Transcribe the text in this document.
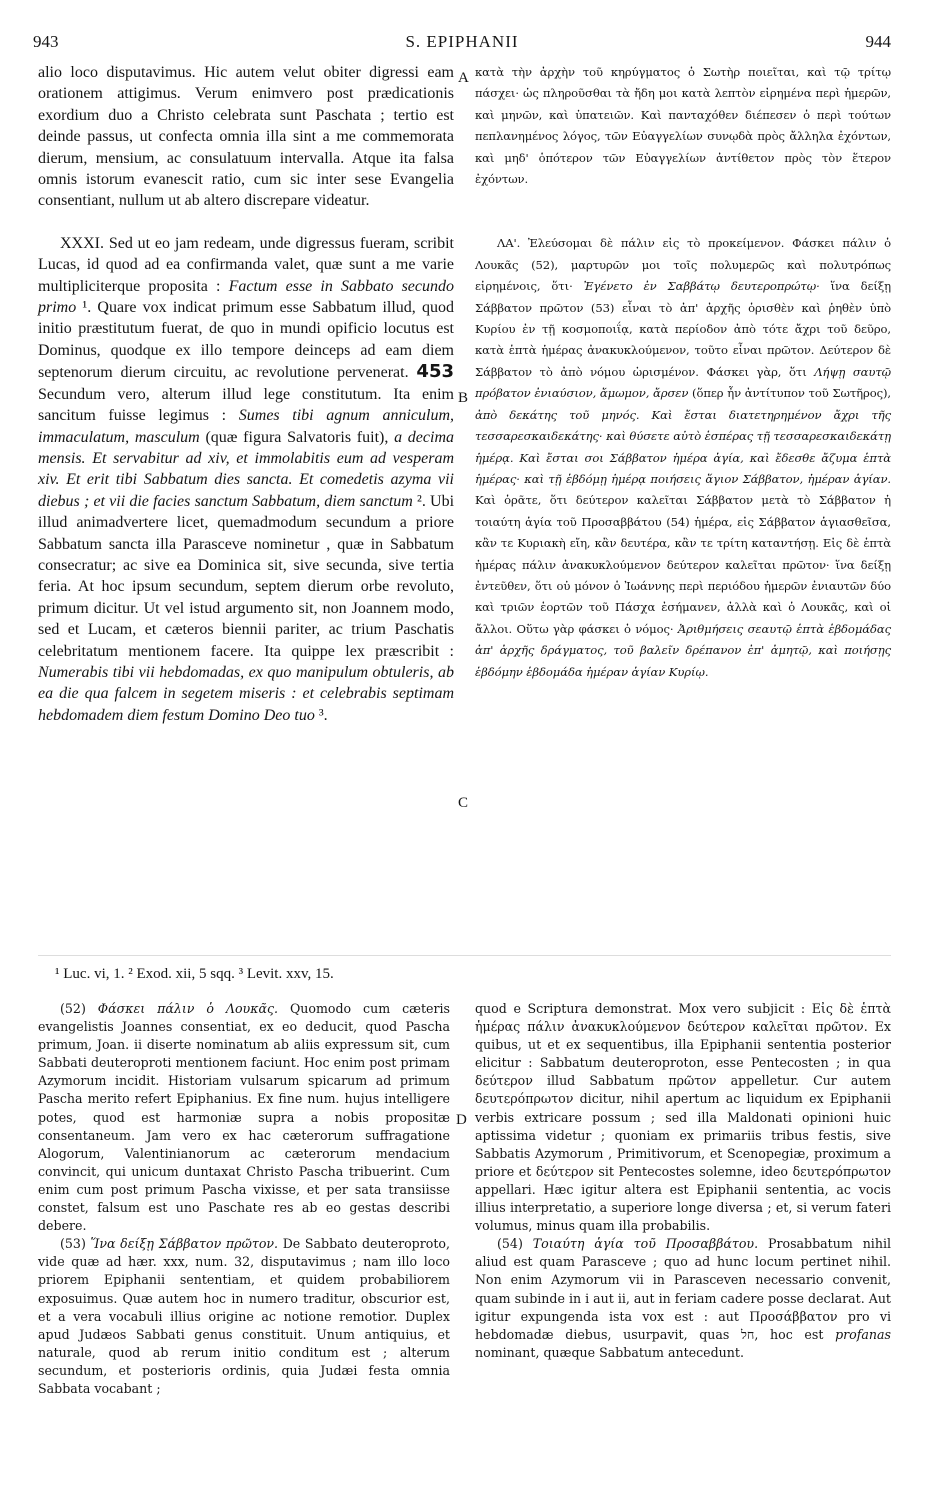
943	S. EPIPHANII	944

alio loco disputavimus. Hic autem velut obiter digressi eam orationem attigimus. Verum enimvero post prædicationis exordium duo a Christo celebrata sunt Paschata ; tertio est deinde passus, ut confecta omnia illa sint a me commemorata dierum, mensium, ac consulatuum intervalla. Atque ita falsa omnis istorum evanescit ratio, cum sic inter sese Evangelia consentiant, nullum ut ab altero discrepare videatur.

XXXI. Sed ut eo jam redeam, unde digressus fueram, scribit Lucas, id quod ad ea confirmanda valet, quæ sunt a me varie multipliciterque proposita : Factum esse in Sabbato secundo primo ¹. Quare vox indicat primum esse Sabbatum illud, quod initio præstitutum fuerat, de quo in mundi opificio locutus est Dominus, quodque ex illo tempore deinceps ad eam diem septenorum dierum circuitu, ac revolutione pervenerat. 453 Secundum vero, alterum illud lege constitutum. Ita enim sancitum fuisse legimus : Sumes tibi agnum anniculum, immaculatum, masculum (quæ figura Salvatoris fuit), a decima mensis. Et servabitur ad xiv, et immolabitis eum ad vesperam xiv. Et erit tibi Sabbatum dies sancta. Et comedetis azyma vii diebus ; et vii die facies sanctum Sabbatum, diem sanctum ². Ubi illud animadvertere licet, quemadmodum secundum a priore Sabbatum sancta illa Parasceve nominetur , quæ in Sabbatum consecratur; ac sive ea Dominica sit, sive secunda, sive tertia feria. At hoc ipsum secundum, septem dierum orbe revoluto, primum dicitur. Ut vel istud argumento sit, non Joannem modo, sed et Lucam, et cæteros biennii pariter, ac trium Paschatis celebritatum mentionem facere. Ita quippe lex præscribit : Numerabis tibi vii hebdomadas, ex quo manipulum obtuleris, ab ea die qua falcem in segetem miseris : et celebrabis septimam hebdomadem diem festum Domino Deo tuo ³.

κατὰ τὴν ἀρχὴν τοῦ κηρύγματος ὁ Σωτὴρ ποιεῖται, καὶ τῷ τρίτῳ πάσχει· ὡς πληροῦσθαι τὰ ἤδη μοι κατὰ λεπτὸν εἰρημένα περὶ ἡμερῶν, καὶ μηνῶν, καὶ ὑπατειῶν. Καὶ πανταχόθεν διέπεσεν ὁ περὶ τούτων πεπλανημένος λόγος, τῶν Εὐαγγελίων συνῳδὰ πρὸς ἄλληλα ἐχόντων, καὶ μηδ' ὁπότερον τῶν Εὐαγγελίων ἀντίθετον πρὸς τὸν ἕτερον ἐχόντων.

ΛΑ'. Ἐλεύσομαι δὲ πάλιν εἰς τὸ προκείμενον. Φάσκει πάλιν ὁ Λουκᾶς (52), μαρτυρῶν μοι τοῖς πολυμερῶς καὶ πολυτρόπως εἰρημένοις, ὅτι· Ἐγένετο ἐν Σαββάτῳ δευτεροπρώτῳ· ἵνα δείξῃ Σάββατον πρῶτον (53) εἶναι τὸ ἀπ' ἀρχῆς ὁρισθὲν καὶ ῥηθὲν ὑπὸ Κυρίου ἐν τῇ κοσμοποιΐᾳ, κατὰ περίοδον ἀπὸ τότε ἄχρι τοῦ δεῦρο, κατὰ ἑπτὰ ἡμέρας ἀνακυκλούμενον, τοῦτο εἶναι πρῶτον. Δεύτερον δὲ Σάββατον τὸ ἀπὸ νόμου ὡρισμένον. Φάσκει γὰρ, ὅτι Λήψῃ σαυτῷ πρόβατον ἐνιαύσιον, ἄμωμον, ἄρσεν (ὅπερ ἦν ἀντίτυπον τοῦ Σωτῆρος), ἀπὸ δεκάτης τοῦ μηνός. Καὶ ἔσται διατετηρημένον ἄχρι τῆς τεσσαρεσκαιδεκάτης· καὶ θύσετε αὐτὸ ἑσπέρας τῇ τεσσαρεσκαιδεκάτῃ ἡμέρᾳ. Καὶ ἔσται σοι Σάββατον ἡμέρα ἁγία, καὶ ἔδεσθε ἄζυμα ἑπτὰ ἡμέρας· καὶ τῇ ἑβδόμῃ ἡμέρᾳ ποιήσεις ἅγιον Σάββατον, ἡμέραν ἁγίαν. Καὶ ὁρᾶτε, ὅτι δεύτερον καλεῖται Σάββατον μετὰ τὸ Σάββατον ἡ τοιαύτη ἁγία τοῦ Προσαββάτου (54) ἡμέρα, εἰς Σάββατον ἁγιασθεῖσα, κἂν τε Κυριακὴ εἴη, κἂν δευτέρα, κἂν τε τρίτη καταντήσῃ. Εἰς δὲ ἑπτὰ ἡμέρας πάλιν ἀνακυκλούμενον δεύτερον καλεῖται πρῶτον· ἵνα δείξῃ ἐντεῦθεν, ὅτι οὐ μόνον ὁ Ἰωάννης περὶ περιόδου ἡμερῶν ἐνιαυτῶν δύο καὶ τριῶν ἑορτῶν τοῦ Πάσχα ἐσήμανεν, ἀλλὰ καὶ ὁ Λουκᾶς, καὶ οἱ ἄλλοι. Οὕτω γὰρ φάσκει ὁ νόμος· Ἀριθμήσεις σεαυτῷ ἑπτὰ ἑβδομάδας ἀπ' ἀρχῆς δράγματος, τοῦ βαλεῖν δρέπανον ἐπ' ἀμητῷ, καὶ ποιήσῃς ἑβδόμην ἑβδομάδα ἡμέραν ἁγίαν Κυρίῳ.

A
B
C
D
¹ Luc. vi, 1. ² Exod. xii, 5 sqq. ³ Levit. xxv, 15.

(52) Φάσκει πάλιν ὁ Λουκᾶς. Quomodo cum cæteris evangelistis Joannes consentiat, ex eo deducit, quod Pascha primum, Joan. ii diserte nominatum ab aliis expressum sit, cum Sabbati deuteroproti mentionem faciunt. Hoc enim post primam Azymorum incidit. Historiam vulsarum spicarum ad primum Pascha merito refert Epiphanius. Ex fine num. hujus intelligere potes, quod est harmoniæ supra a nobis propositæ consentaneum. Jam vero ex hac cæterorum suffragatione Alogorum, Valentinianorum ac cæterorum mendacium convincit, qui unicum duntaxat Christo Pascha tribuerint. Cum enim cum post primum Pascha vixisse, et per sata transiisse constet, falsum est uno Paschate res ab eo gestas describi debere.

(53) Ἵνα δείξῃ Σάββατον πρῶτον. De Sabbato deuteroproto, vide quæ ad hær. xxx, num. 32, disputavimus ; nam illo loco priorem Epiphanii sententiam, et quidem probabiliorem exposuimus. Quæ autem hoc in numero traditur, obscurior est, et a vera vocabuli illius origine ac notione remotior. Duplex apud Judæos Sabbati genus constituit. Unum antiquius, et naturale, quod ab rerum initio conditum est ; alterum secundum, et posterioris ordinis, quia Judæi festa omnia Sabbata vocabant ;

quod e Scriptura demonstrat. Mox vero subjicit : Εἰς δὲ ἑπτὰ ἡμέρας πάλιν ἀνακυκλούμενον δεύτερον καλεῖται πρῶτον. Ex quibus, ut et ex sequentibus, illa Epiphanii sententia posterior elicitur : Sabbatum deuteroproton, esse Pentecosten ; in qua δεύτερον illud Sabbatum πρῶτον appelletur. Cur autem δευτερόπρωτον dicitur, nihil apertum ac liquidum ex Epiphanii verbis extricare possum ; sed illa Maldonati opinioni huic aptissima videtur ; quoniam ex primariis tribus festis, sive Sabbatis Azymorum , Primitivorum, et Scenopegiæ, proximum a priore et δεύτερον sit Pentecostes solemne, ideo δευτερόπρωτον appellari. Hæc igitur altera est Epiphanii sententia, ac vocis illius interpretatio, a superiore longe diversa ; et, si verum fateri volumus, minus quam illa probabilis.

(54) Τοιαύτη ἁγία τοῦ Προσαββάτου. Prosabbatum nihil aliud est quam Parasceve ; quo ad hunc locum pertinet nihil. Non enim Azymorum vii in Parasceven necessario convenit, quam subinde in i aut ii, aut in feriam cadere posse declarat. Aut igitur expungenda ista vox est : aut Προσάββατον pro vi hebdomadæ diebus, usurpavit, quas חל, hoc est profanas nominant, quæque Sabbatum antecedunt.
